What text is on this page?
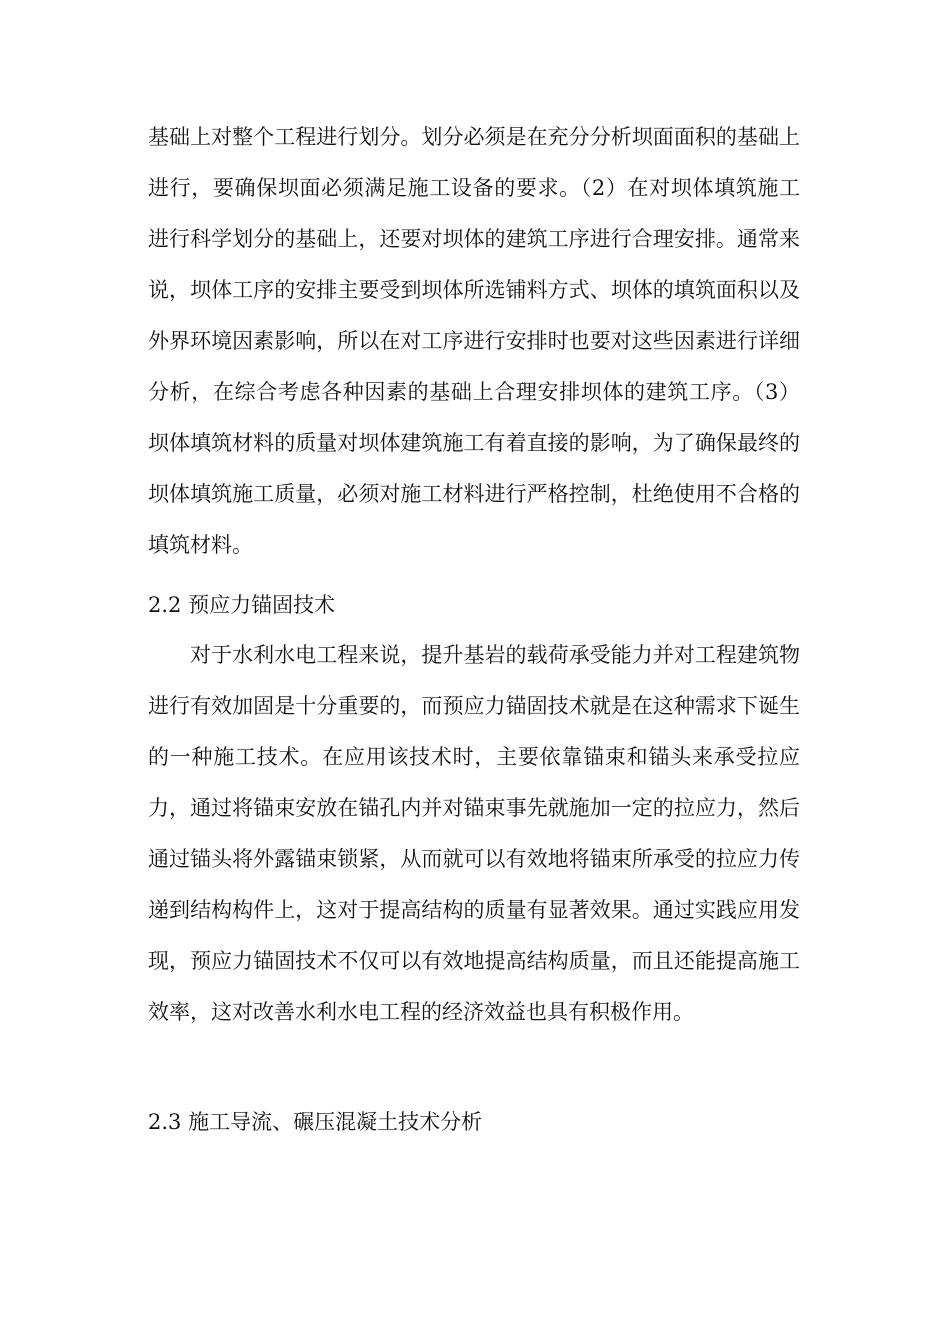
基础上对整个工程进行划分。划分必须是在充分分析坝面面积的基础上进行，要确保坝面必须满足施工设备的要求。（2）在对坝体填筑施工进行科学划分的基础上，还要对坝体的建筑工序进行合理安排。通常来说，坝体工序的安排主要受到坝体所选铺料方式、坝体的填筑面积以及外界环境因素影响，所以在对工序进行安排时也要对这些因素进行详细分析，在综合考虑各种因素的基础上合理安排坝体的建筑工序。（3）坝体填筑材料的质量对坝体建筑施工有着直接的影响，为了确保最终的坝体填筑施工质量，必须对施工材料进行严格控制，杜绝使用不合格的填筑材料。

2.2 预应力锚固技术

对于水利水电工程来说，提升基岩的载荷承受能力并对工程建筑物进行有效加固是十分重要的，而预应力锚固技术就是在这种需求下诞生的一种施工技术。在应用该技术时，主要依靠锚束和锚头来承受拉应力，通过将锚束安放在锚孔内并对锚束事先就施加一定的拉应力，然后通过锚头将外露锚束锁紧，从而就可以有效地将锚束所承受的拉应力传递到结构构件上，这对于提高结构的质量有显著效果。通过实践应用发现，预应力锚固技术不仅可以有效地提高结构质量，而且还能提高施工效率，这对改善水利水电工程的经济效益也具有积极作用。

2.3 施工导流、碾压混凝土技术分析
